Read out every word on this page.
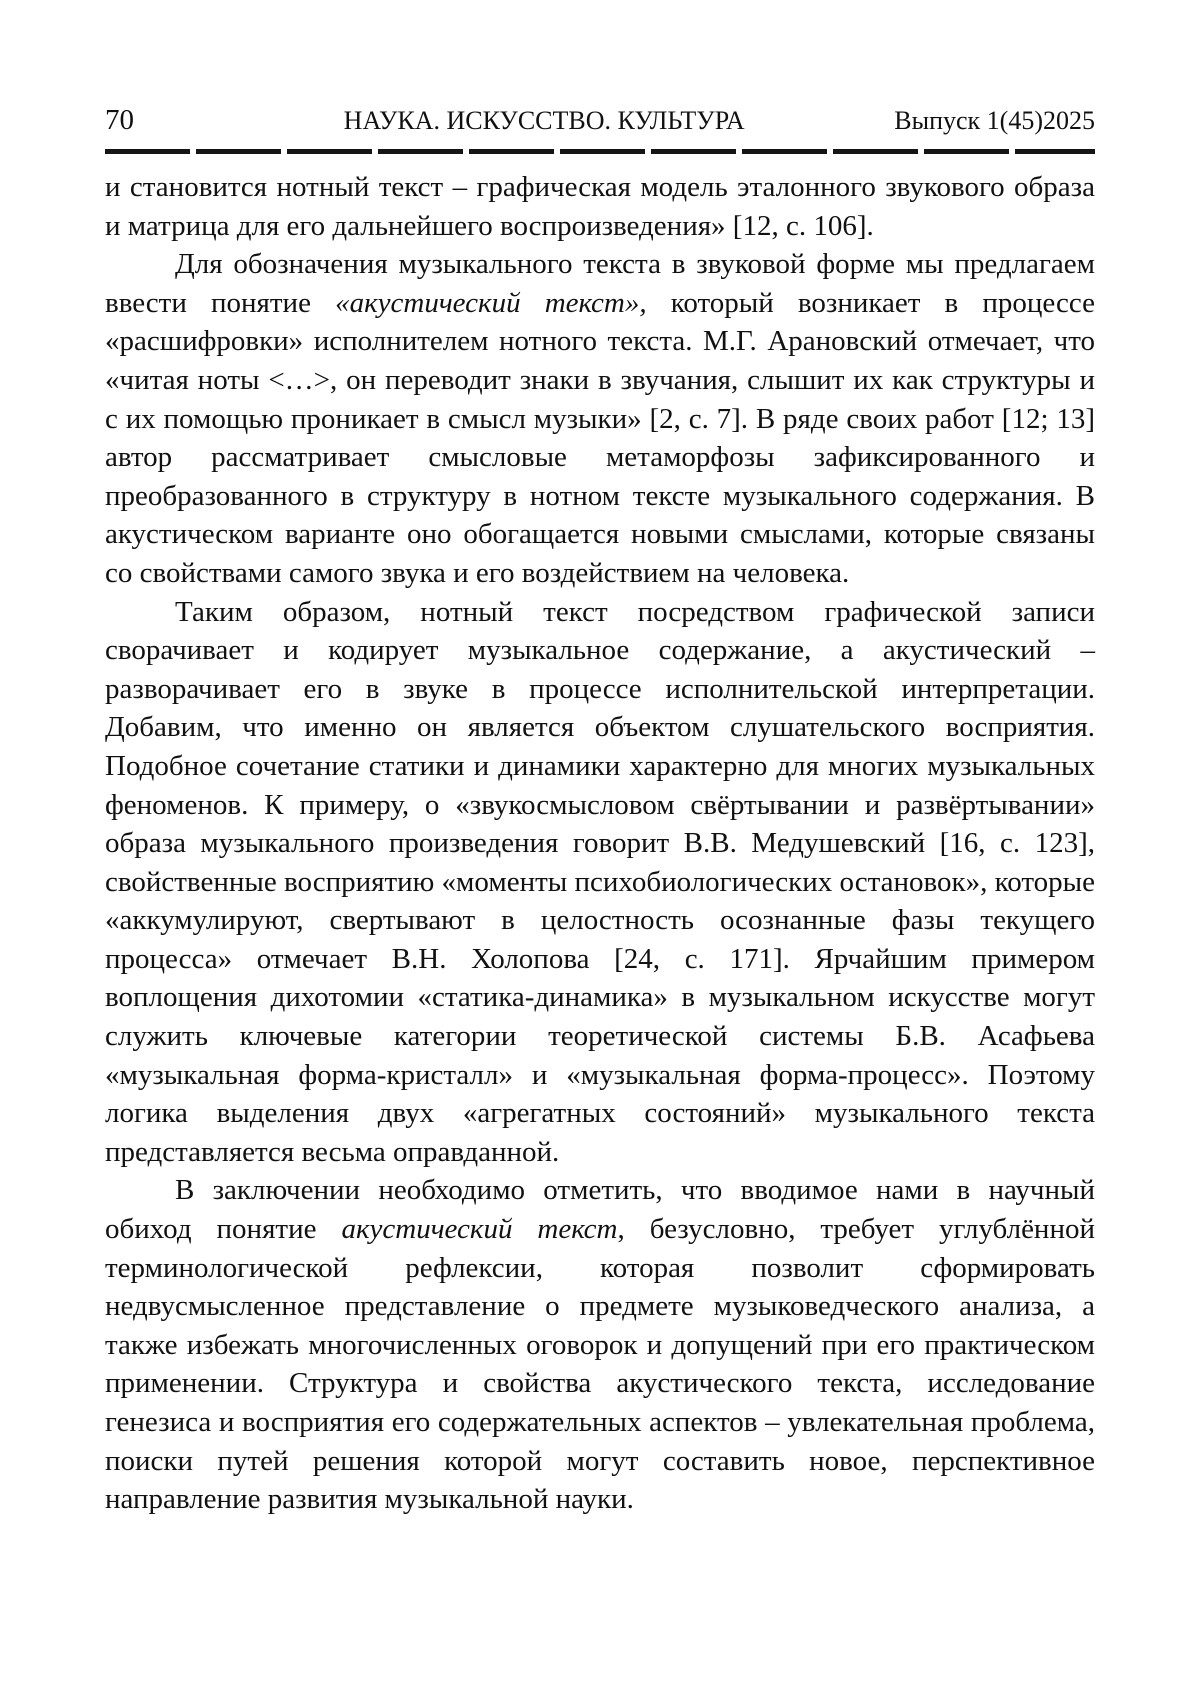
70	НАУКА. ИСКУССТВО. КУЛЬТУРА	Выпуск 1(45)2025

и становится нотный текст – графическая модель эталонного звукового образа и матрица для его дальнейшего воспроизведения» [12, с. 106].

Для обозначения музыкального текста в звуковой форме мы предлагаем ввести понятие «акустический текст», который возникает в процессе «расшифровки» исполнителем нотного текста. М.Г. Арановский отмечает, что «читая ноты <…>, он переводит знаки в звучания, слышит их как структуры и с их помощью проникает в смысл музыки» [2, с. 7]. В ряде своих работ [12; 13] автор рассматривает смысловые метаморфозы зафиксированного и преобразованного в структуру в нотном тексте музыкального содержания. В акустическом варианте оно обогащается новыми смыслами, которые связаны со свойствами самого звука и его воздействием на человека.

Таким образом, нотный текст посредством графической записи сворачивает и кодирует музыкальное содержание, а акустический – разворачивает его в звуке в процессе исполнительской интерпретации. Добавим, что именно он является объектом слушательского восприятия. Подобное сочетание статики и динамики характерно для многих музыкальных феноменов. К примеру, о «звукосмысловом свёртывании и развёртывании» образа музыкального произведения говорит В.В. Медушевский [16, с. 123], свойственные восприятию «моменты психобиологических остановок», которые «аккумулируют, свертывают в целостность осознанные фазы текущего процесса» отмечает В.Н. Холопова [24, с. 171]. Ярчайшим примером воплощения дихотомии «статика-динамика» в музыкальном искусстве могут служить ключевые категории теоретической системы Б.В. Асафьева «музыкальная форма-кристалл» и «музыкальная форма-процесс». Поэтому логика выделения двух «агрегатных состояний» музыкального текста представляется весьма оправданной.

В заключении необходимо отметить, что вводимое нами в научный обиход понятие акустический текст, безусловно, требует углублённой терминологической рефлексии, которая позволит сформировать недвусмысленное представление о предмете музыковедческого анализа, а также избежать многочисленных оговорок и допущений при его практическом применении. Структура и свойства акустического текста, исследование генезиса и восприятия его содержательных аспектов – увлекательная проблема, поиски путей решения которой могут составить новое, перспективное направление развития музыкальной науки.
